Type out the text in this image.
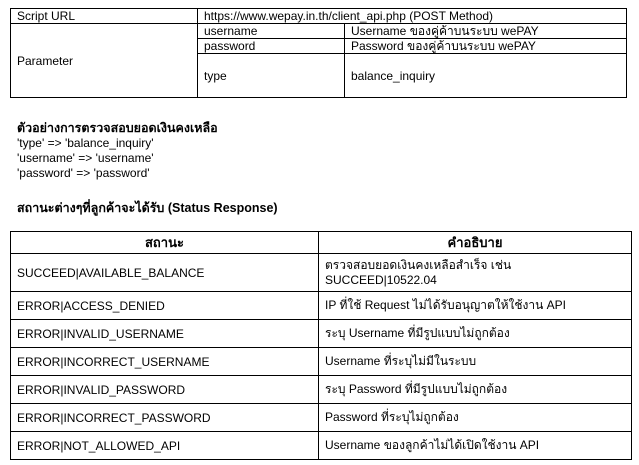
Script URL	https://www.wepay.in.th/client_api.php (POST Method)	
Parameter	username	Username ของคู่ค้าบนระบบ wePAY
	password	Password ของคู่ค้าบนระบบ wePAY
	type	balance_inquiry
ตัวอย่างการตรวจสอบยอดเงินคงเหลือ
'type' => 'balance_inquiry'
'username' => 'username'
'password' => 'password'
สถานะต่างๆที่ลูกค้าจะได้รับ (Status Response)
สถานะ	คำอธิบาย
SUCCEED|AVAILABLE_BALANCE	ตรวจสอบยอดเงินคงเหลือสำเร็จ เช่น
SUCCEED|10522.04

ERROR|ACCESS_DENIED	IP ที่ใช้ Request ไม่ได้รับอนุญาตให้ใช้งาน API
ERROR|INVALID_USERNAME	ระบุ Username ที่มีรูปแบบไม่ถูกต้อง
ERROR|INCORRECT_USERNAME	Username ที่ระบุไม่มีในระบบ
ERROR|INVALID_PASSWORD	ระบุ Password ที่มีรูปแบบไม่ถูกต้อง
ERROR|INCORRECT_PASSWORD	Password ที่ระบุไม่ถูกต้อง
ERROR|NOT_ALLOWED_API	Username ของลูกค้าไม่ได้เปิดใช้งาน API
